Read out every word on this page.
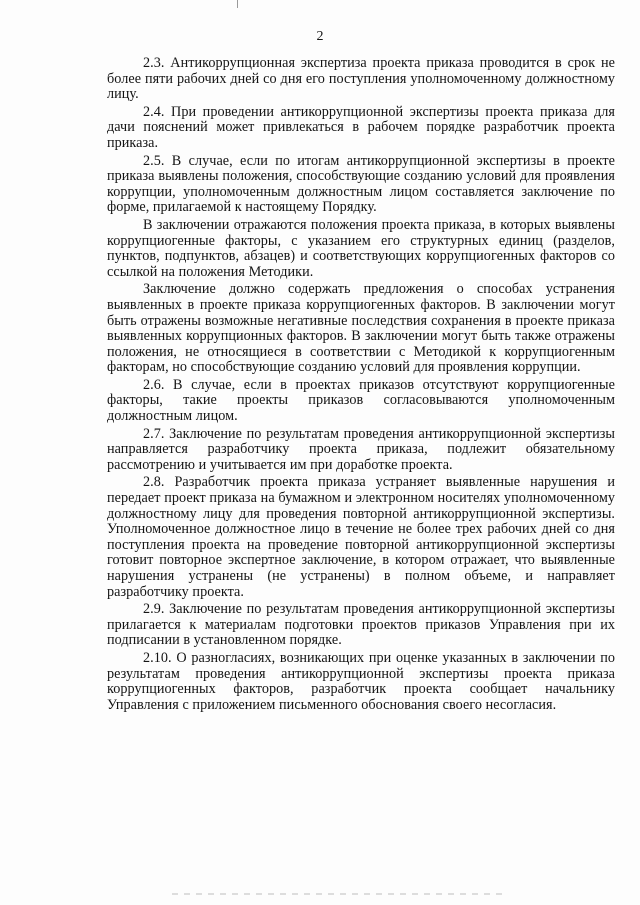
2

2.3. Антикоррупционная экспертиза проекта приказа проводится в срок не более пяти рабочих дней со дня его поступления уполномоченному должностному лицу.

2.4. При проведении антикоррупционной экспертизы проекта приказа для дачи пояснений может привлекаться в рабочем порядке разработчик проекта приказа.

2.5. В случае, если по итогам антикоррупционной экспертизы в проекте приказа выявлены положения, способствующие созданию условий для проявления коррупции, уполномоченным должностным лицом составляется заключение по форме, прилагаемой к настоящему Порядку.

В заключении отражаются положения проекта приказа, в которых выявлены коррупциогенные факторы, с указанием его структурных единиц (разделов, пунктов, подпунктов, абзацев) и соответствующих коррупциогенных факторов со ссылкой на положения Методики.

Заключение должно содержать предложения о способах устранения выявленных в проекте приказа коррупциогенных факторов. В заключении могут быть отражены возможные негативные последствия сохранения в проекте приказа выявленных коррупционных факторов. В заключении могут быть также отражены положения, не относящиеся в соответствии с Методикой к коррупциогенным факторам, но способствующие созданию условий для проявления коррупции.

2.6. В случае, если в проектах приказов отсутствуют коррупциогенные факторы, такие проекты приказов согласовываются уполномоченным должностным лицом.

2.7. Заключение по результатам проведения антикоррупционной экспертизы направляется разработчику проекта приказа, подлежит обязательному рассмотрению и учитывается им при доработке проекта.

2.8. Разработчик проекта приказа устраняет выявленные нарушения и передает проект приказа на бумажном и электронном носителях уполномоченному должностному лицу для проведения повторной антикоррупционной экспертизы. Уполномоченное должностное лицо в течение не более трех рабочих дней со дня поступления проекта на проведение повторной антикоррупционной экспертизы готовит повторное экспертное заключение, в котором отражает, что выявленные нарушения устранены (не устранены) в полном объеме, и направляет разработчику проекта.

2.9. Заключение по результатам проведения антикоррупционной экспертизы прилагается к материалам подготовки проектов приказов Управления при их подписании в установленном порядке.

2.10. О разногласиях, возникающих при оценке указанных в заключении по результатам проведения антикоррупционной экспертизы проекта приказа коррупциогенных факторов, разработчик проекта сообщает начальнику Управления с приложением письменного обоснования своего несогласия.
